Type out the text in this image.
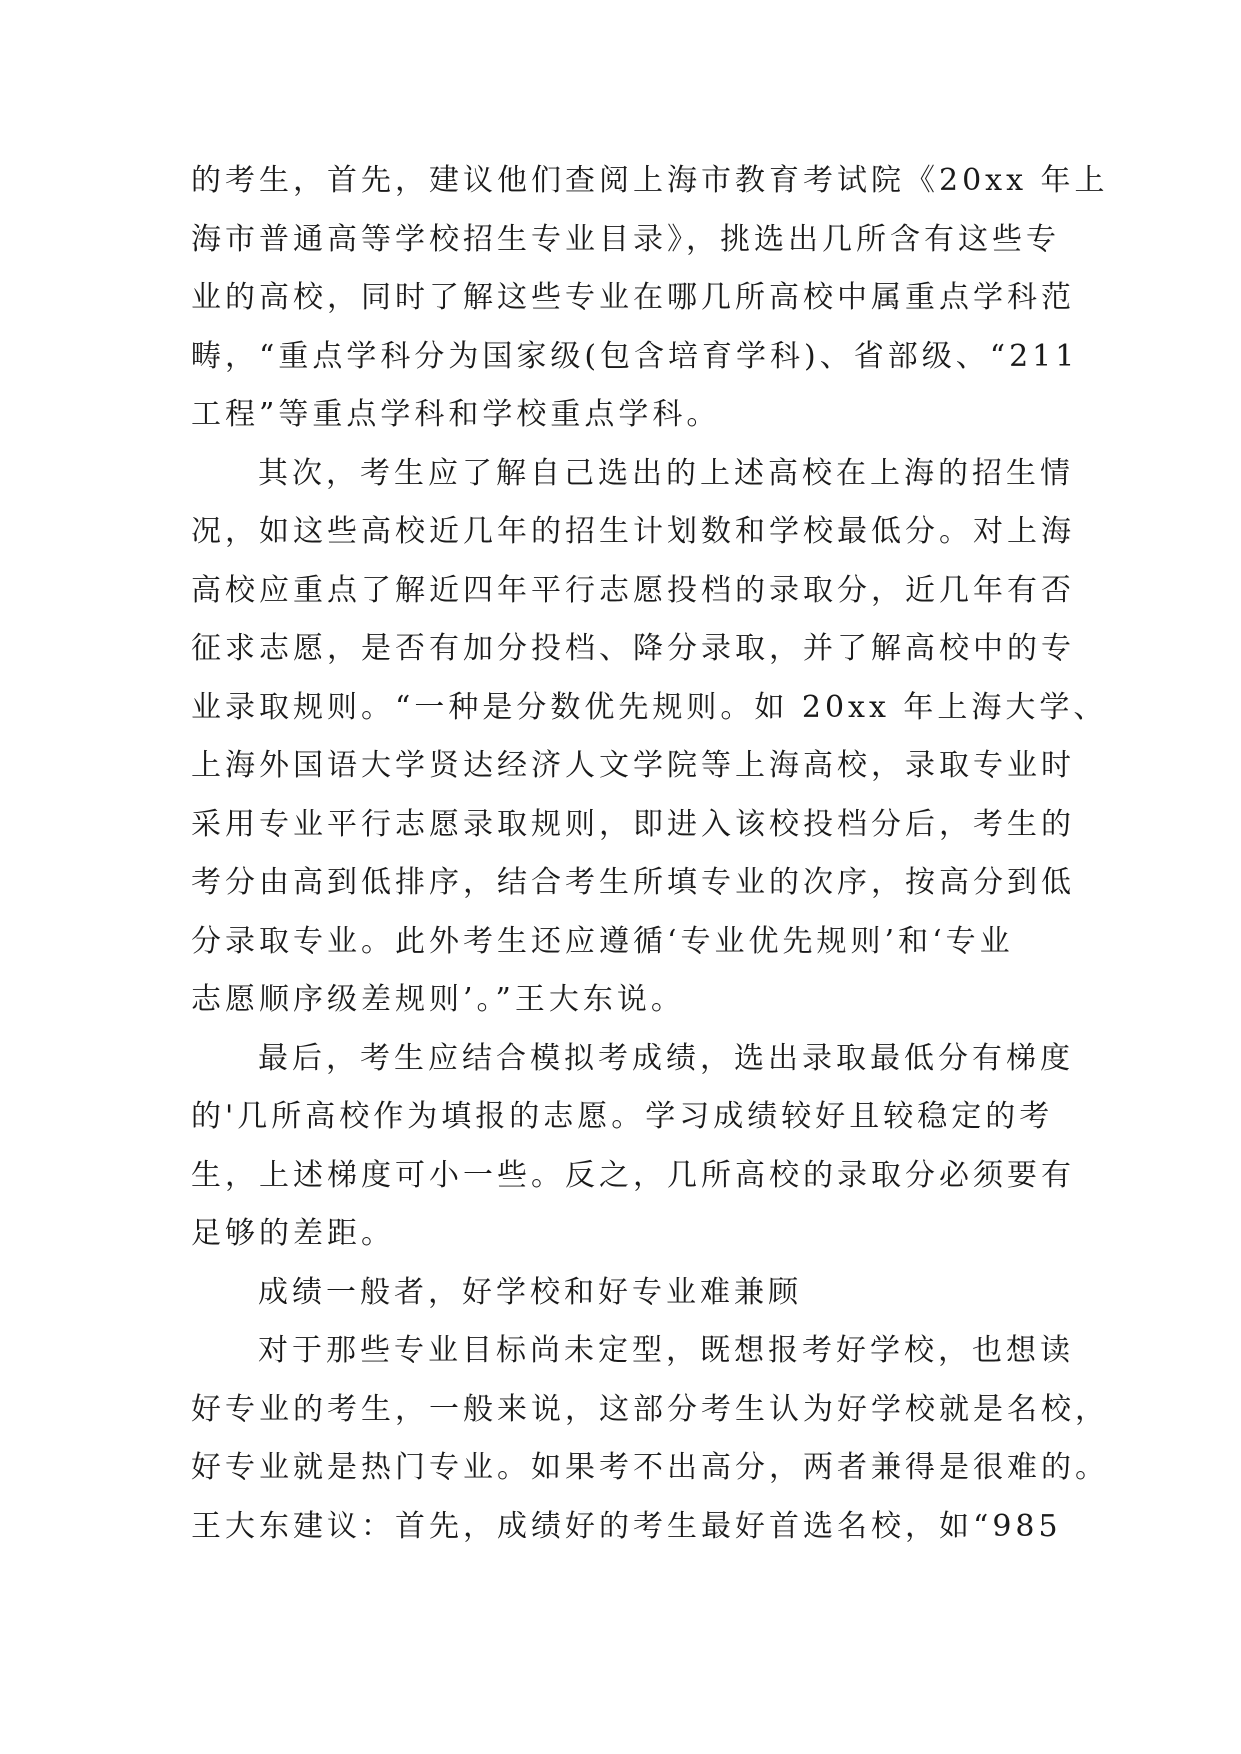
的考生，首先，建议他们查阅上海市教育考试院《20xx 年上
海市普通高等学校招生专业目录》，挑选出几所含有这些专
业的高校，同时了解这些专业在哪几所高校中属重点学科范
畴，“重点学科分为国家级(包含培育学科)、省部级、“211
工程”等重点学科和学校重点学科。
其次，考生应了解自己选出的上述高校在上海的招生情
况，如这些高校近几年的招生计划数和学校最低分。对上海
高校应重点了解近四年平行志愿投档的录取分，近几年有否
征求志愿，是否有加分投档、降分录取，并了解高校中的专
业录取规则。“一种是分数优先规则。如 20xx 年上海大学、
上海外国语大学贤达经济人文学院等上海高校，录取专业时
采用专业平行志愿录取规则，即进入该校投档分后，考生的
考分由高到低排序，结合考生所填专业的次序，按高分到低
分录取专业。此外考生还应遵循‘专业优先规则’和‘专业
志愿顺序级差规则’。”王大东说。
最后，考生应结合模拟考成绩，选出录取最低分有梯度
的'几所高校作为填报的志愿。学习成绩较好且较稳定的考
生，上述梯度可小一些。反之，几所高校的录取分必须要有
足够的差距。
成绩一般者，好学校和好专业难兼顾
对于那些专业目标尚未定型，既想报考好学校，也想读
好专业的考生，一般来说，这部分考生认为好学校就是名校，
好专业就是热门专业。如果考不出高分，两者兼得是很难的。
王大东建议：首先，成绩好的考生最好首选名校，如“985
